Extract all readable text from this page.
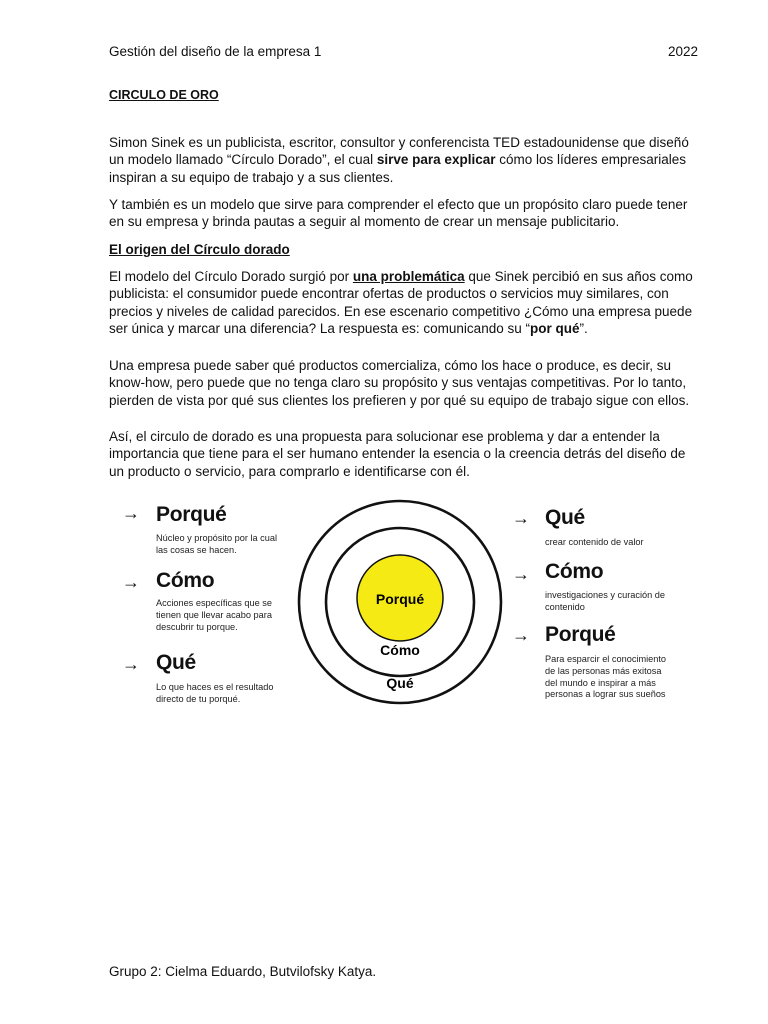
Gestión del diseño de la empresa 1	2022
CIRCULO DE ORO

Simon Sinek es un publicista, escritor, consultor y conferencista TED estadounidense que diseñó un modelo llamado “Círculo Dorado”, el cual sirve para explicar cómo los líderes empresariales inspiran a su equipo de trabajo y a sus clientes.

Y también es un modelo que sirve para comprender el efecto que un propósito claro puede tener en su empresa y brinda pautas a seguir al momento de crear un mensaje publicitario.

El origen del Círculo dorado

El modelo del Círculo Dorado surgió por una problemática que Sinek percibió en sus años como publicista: el consumidor puede encontrar ofertas de productos o servicios muy similares, con precios y niveles de calidad parecidos. En ese escenario competitivo ¿Cómo una empresa puede ser única y marcar una diferencia? La respuesta es: comunicando su “por qué”.

Una empresa puede saber qué productos comercializa, cómo los hace o produce, es decir, su know-how, pero puede que no tenga claro su propósito y sus ventajas competitivas. Por lo tanto, pierden de vista por qué sus clientes los prefieren y por qué su equipo de trabajo sigue con ellos.

Así, el circulo de dorado es una propuesta para solucionar ese problema y dar a entender la importancia que tiene para el ser humano entender la esencia o la creencia detrás del diseño de un producto o servicio, para comprarlo e identificarse con él.

→ Porqué
Núcleo y propósito por la cual
las cosas se hacen.
→ Cómo
Acciones específicas que se
tienen que llevar acabo para
descubrir tu porque.
→ Qué
Lo que haces es el resultado
directo de tu porqué.
Porqué
Cómo
Qué
→ Qué
crear contenido de valor
→ Cómo
investigaciones y curación de
contenido
→ Porqué
Para esparcir el conocimiento
de las personas más exitosa
del mundo e inspirar a más
personas a lograr sus sueños
Grupo 2: Cielma Eduardo, Butvilofsky Katya.
